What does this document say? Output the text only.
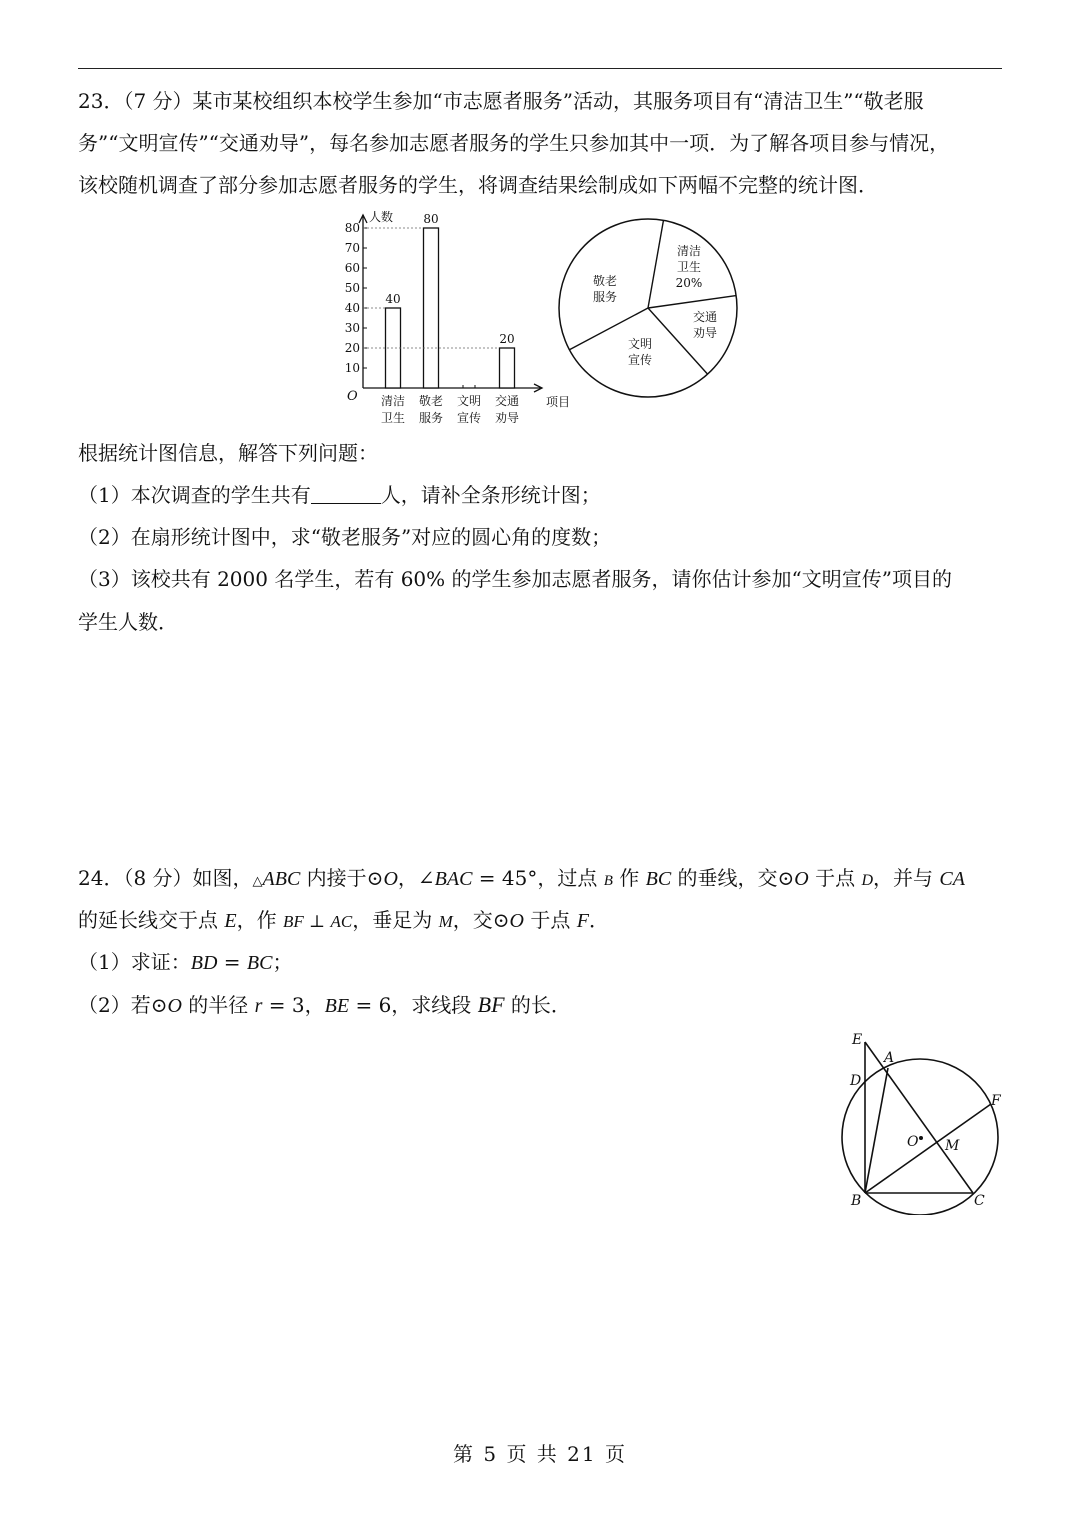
23．（7 分）某市某校组织本校学生参加“市志愿者服务”活动，其服务项目有“清洁卫生”“敬老服
务”“文明宣传”“交通劝导”，每名参加志愿者服务的学生只参加其中一项．为了解各项目参与情况，
该校随机调查了部分参加志愿者服务的学生，将调查结果绘制成如下两幅不完整的统计图．
人数
项目
O
10
20
30
40
50
60
70
80
40
清洁
卫生
80
敬老
服务
文明
宣传
20
交通
劝导
清洁
卫生
20%
交通
劝导
文明
宣传
敬老
服务
根据统计图信息，解答下列问题：
（1）本次调查的学生共有	人，请补全条形统计图；
（2）在扇形统计图中，求“敬老服务”对应的圆心角的度数；
（3）该校共有 2000 名学生，若有 60% 的学生参加志愿者服务，请你估计参加“文明宣传”项目的
学生人数．
24．（8 分）如图，△ABC 内接于⊙O，∠BAC = 45°，过点 B 作 BC 的垂线，交⊙O 于点 D，并与 CA
的延长线交于点 E，作 BF ⊥ AC，垂足为 M，交⊙O 于点 F．
（1）求证：BD = BC；
（2）若⊙O 的半径 r = 3，BE = 6，求线段 BF 的长．
E
A
D
F
O M
B	C
第 5 页 共 21 页
